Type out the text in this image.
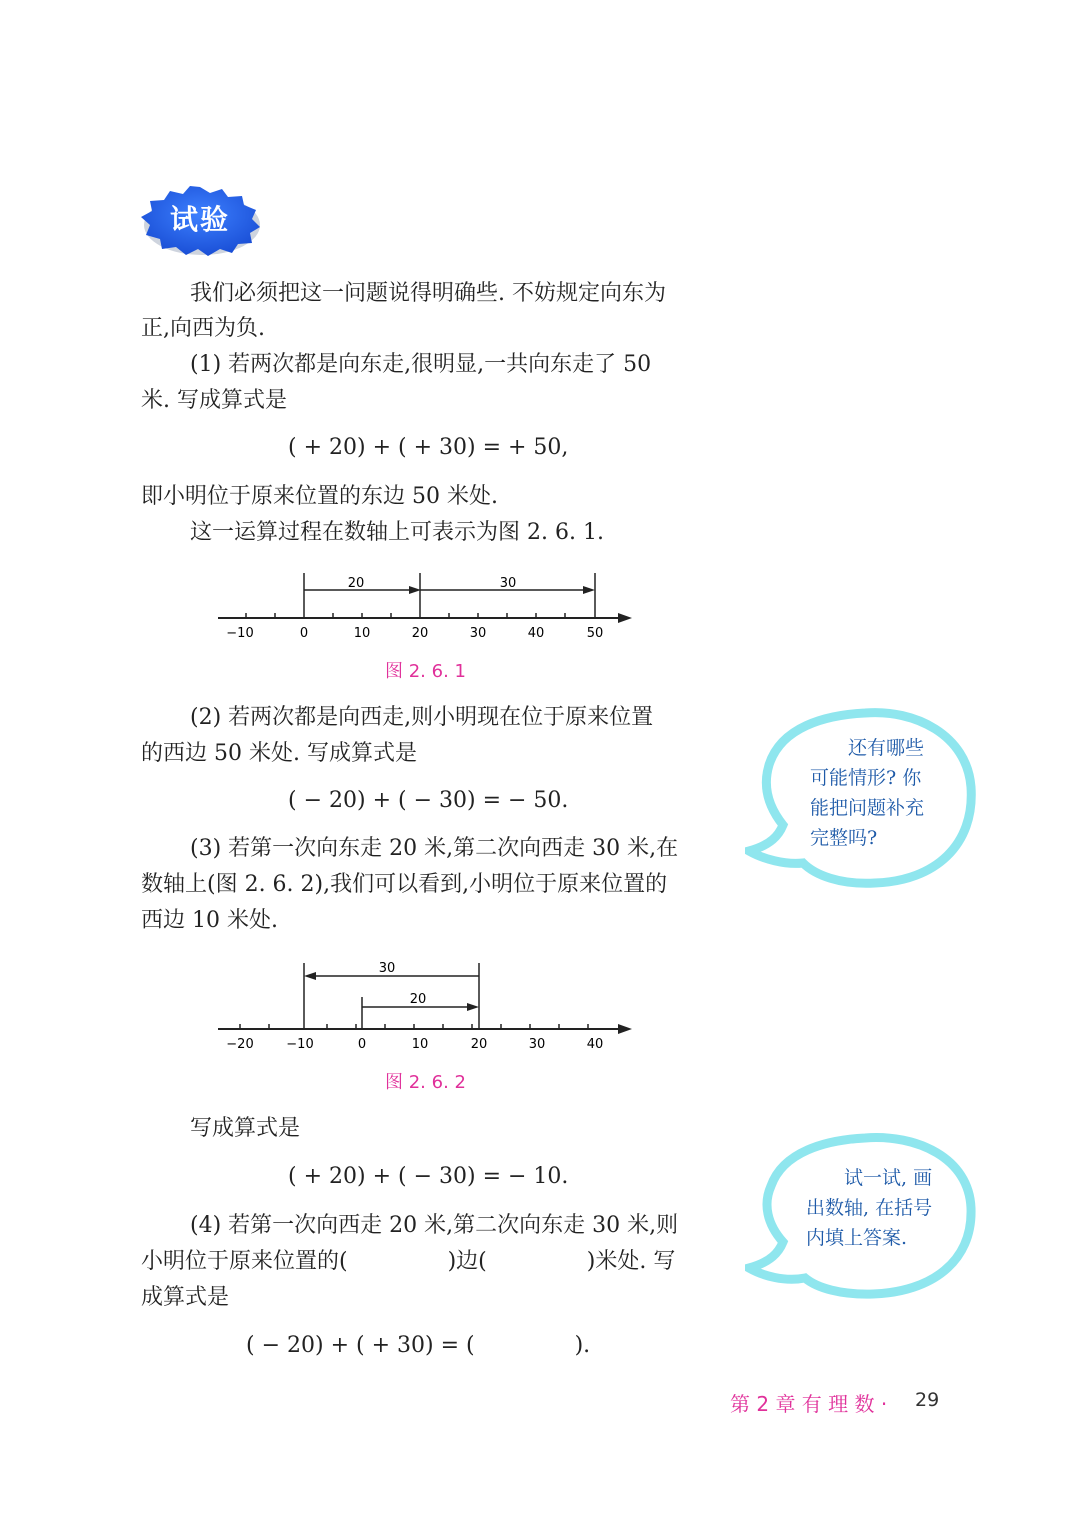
试验
我们必须把这一问题说得明确些. 不妨规定向东为
正,向西为负.
(1) 若两次都是向东走,很明显,一共向东走了 50
米. 写成算式是
( + 20) + ( + 30) = + 50,
即小明位于原来位置的东边 50 米处.
这一运算过程在数轴上可表示为图 2. 6. 1.
20	30
−10	0	10	20	30	40	50
图 2. 6. 1
(2) 若两次都是向西走,则小明现在位于原来位置
的西边 50 米处. 写成算式是
( − 20) + ( − 30) = − 50.
(3) 若第一次向东走 20 米,第二次向西走 30 米,在
数轴上(图 2. 6. 2),我们可以看到,小明位于原来位置的
西边 10 米处.
30
20
−20	−10	0	10	20	30	40
图 2. 6. 2
写成算式是
( + 20) + ( − 30) = − 10.
(4) 若第一次向西走 20 米,第二次向东走 30 米,则
小明位于原来位置的(	)边(	)米处. 写
成算式是
( − 20) + ( + 30) = (	).
还有哪些
可能情形? 你
能把问题补充
完整吗?
试一试, 画
出数轴, 在括号
内填上答案.
第 2 章 有 理 数 · 29
